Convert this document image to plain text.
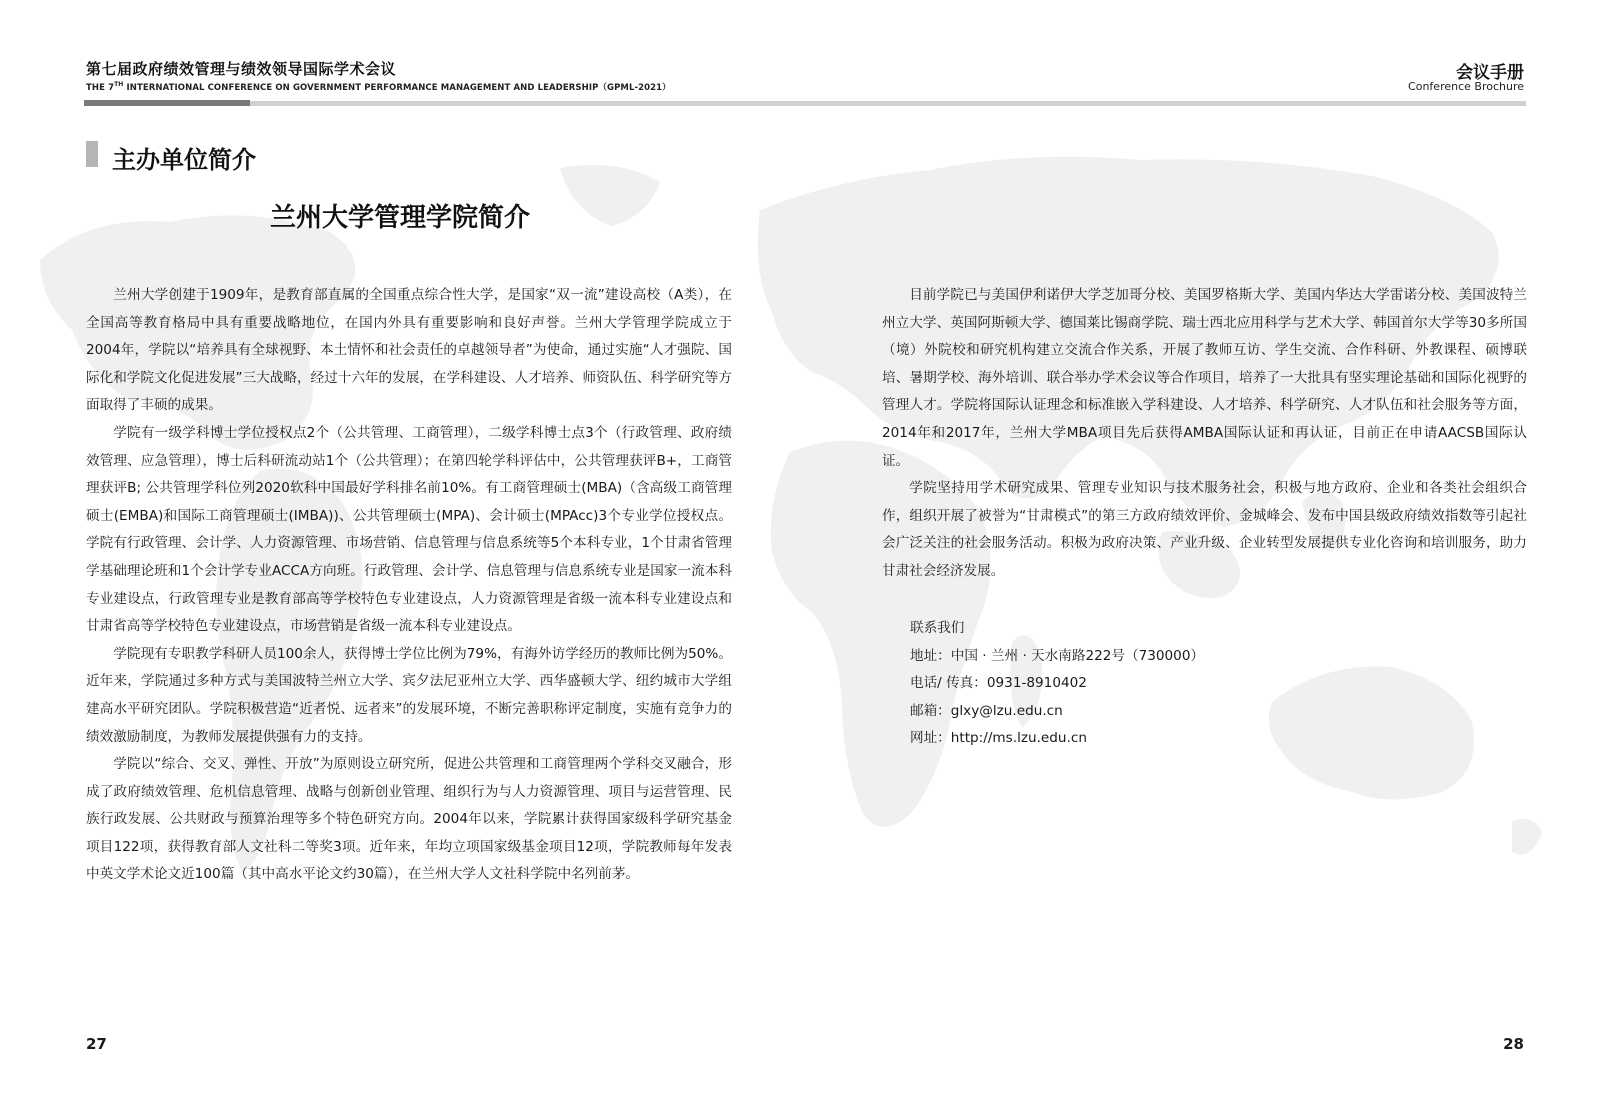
第七届政府绩效管理与绩效领导国际学术会议
THE 7TH INTERNATIONAL CONFERENCE ON GOVERNMENT PERFORMANCE MANAGEMENT AND LEADERSHIP（GPML-2021）
会议手册
Conference Brochure
主办单位简介
兰州大学管理学院简介

兰州大学创建于1909年，是教育部直属的全国重点综合性大学，是国家“双一流”建设高校（A类），在全国高等教育格局中具有重要战略地位，在国内外具有重要影响和良好声誉。兰州大学管理学院成立于2004年，学院以“培养具有全球视野、本土情怀和社会责任的卓越领导者”为使命，通过实施“人才强院、国际化和学院文化促进发展”三大战略，经过十六年的发展，在学科建设、人才培养、师资队伍、科学研究等方面取得了丰硕的成果。

学院有一级学科博士学位授权点2个（公共管理、工商管理），二级学科博士点3个（行政管理、政府绩效管理、应急管理），博士后科研流动站1个（公共管理）；在第四轮学科评估中，公共管理获评B+，工商管理获评B; 公共管理学科位列2020软科中国最好学科排名前10%。有工商管理硕士(MBA)（含高级工商管理硕士(EMBA)和国际工商管理硕士(IMBA))、公共管理硕士(MPA)、会计硕士(MPAcc)3个专业学位授权点。学院有行政管理、会计学、人力资源管理、市场营销、信息管理与信息系统等5个本科专业，1个甘肃省管理学基础理论班和1个会计学专业ACCA方向班。行政管理、会计学、信息管理与信息系统专业是国家一流本科专业建设点，行政管理专业是教育部高等学校特色专业建设点，人力资源管理是省级一流本科专业建设点和甘肃省高等学校特色专业建设点，市场营销是省级一流本科专业建设点。

学院现有专职教学科研人员100余人，获得博士学位比例为79%，有海外访学经历的教师比例为50%。近年来，学院通过多种方式与美国波特兰州立大学、宾夕法尼亚州立大学、西华盛顿大学、纽约城市大学组建高水平研究团队。学院积极营造“近者悦、远者来”的发展环境，不断完善职称评定制度，实施有竞争力的绩效激励制度，为教师发展提供强有力的支持。

学院以“综合、交叉、弹性、开放”为原则设立研究所，促进公共管理和工商管理两个学科交叉融合，形成了政府绩效管理、危机信息管理、战略与创新创业管理、组织行为与人力资源管理、项目与运营管理、民族行政发展、公共财政与预算治理等多个特色研究方向。2004年以来，学院累计获得国家级科学研究基金项目122项，获得教育部人文社科二等奖3项。近年来，年均立项国家级基金项目12项，学院教师每年发表中英文学术论文近100篇（其中高水平论文约30篇），在兰州大学人文社科学院中名列前茅。

目前学院已与美国伊利诺伊大学芝加哥分校、美国罗格斯大学、美国内华达大学雷诺分校、美国波特兰州立大学、英国阿斯顿大学、德国莱比锡商学院、瑞士西北应用科学与艺术大学、韩国首尔大学等30多所国（境）外院校和研究机构建立交流合作关系，开展了教师互访、学生交流、合作科研、外教课程、硕博联培、暑期学校、海外培训、联合举办学术会议等合作项目，培养了一大批具有坚实理论基础和国际化视野的管理人才。学院将国际认证理念和标准嵌入学科建设、人才培养、科学研究、人才队伍和社会服务等方面，2014年和2017年，兰州大学MBA项目先后获得AMBA国际认证和再认证，目前正在申请AACSB国际认证。

学院坚持用学术研究成果、管理专业知识与技术服务社会，积极与地方政府、企业和各类社会组织合作，组织开展了被誉为“甘肃模式”的第三方政府绩效评价、金城峰会、发布中国县级政府绩效指数等引起社会广泛关注的社会服务活动。积极为政府决策、产业升级、企业转型发展提供专业化咨询和培训服务，助力甘肃社会经济发展。

联系我们
地址：中国 · 兰州 · 天水南路222号（730000）
电话/ 传真：0931-8910402
邮箱：glxy@lzu.edu.cn
网址：http://ms.lzu.edu.cn
27	28
